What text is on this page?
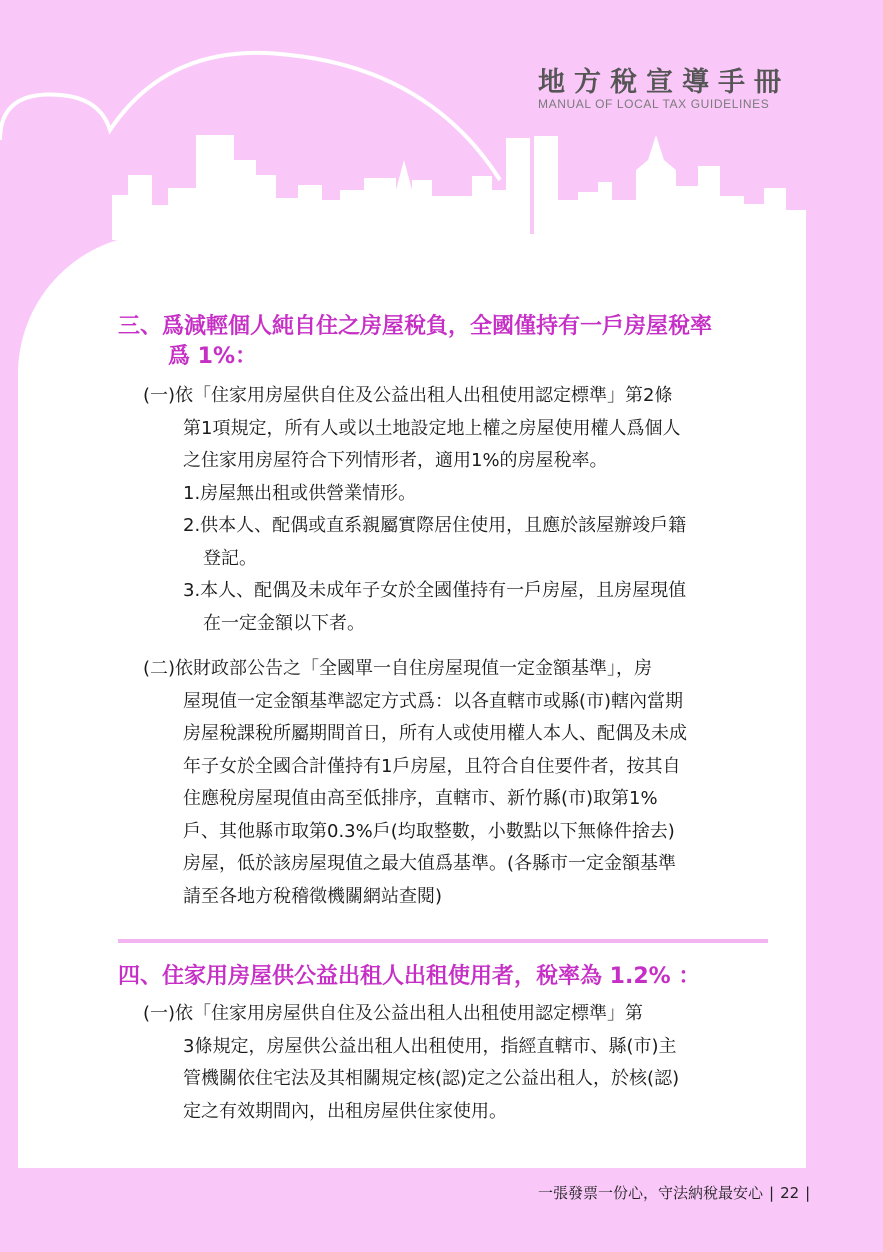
地方稅宣導手冊
MANUAL OF LOCAL TAX GUIDELINES
三、爲減輕個人純自住之房屋稅負，全國僅持有一戶房屋稅率
爲 1%：
(一)依「住家用房屋供自住及公益出租人出租使用認定標準」第2條
第1項規定，所有人或以土地設定地上權之房屋使用權人爲個人
之住家用房屋符合下列情形者，適用1%的房屋稅率。
1.房屋無出租或供營業情形。
2.供本人、配偶或直系親屬實際居住使用，且應於該屋辦竣戶籍
登記。
3.本人、配偶及未成年子女於全國僅持有一戶房屋，且房屋現值
在一定金額以下者。
(二)依財政部公告之「全國單一自住房屋現值一定金額基準」，房
屋現值一定金額基準認定方式爲：以各直轄市或縣(市)轄內當期
房屋稅課稅所屬期間首日，所有人或使用權人本人、配偶及未成
年子女於全國合計僅持有1戶房屋，且符合自住要件者，按其自
住應稅房屋現值由高至低排序，直轄市、新竹縣(市)取第1%
戶、其他縣市取第0.3%戶(均取整數，小數點以下無條件捨去)
房屋，低於該房屋現值之最大值爲基準。(各縣市一定金額基準
請至各地方稅稽徵機關網站查閱)
四、住家用房屋供公益出租人出租使用者，稅率為 1.2% ：
(一)依「住家用房屋供自住及公益出租人出租使用認定標準」第
3條規定，房屋供公益出租人出租使用，指經直轄市、縣(市)主
管機關依住宅法及其相關規定核(認)定之公益出租人，於核(認)
定之有效期間內，出租房屋供住家使用。
一張發票一份心，守法納稅最安心 | 22 |
